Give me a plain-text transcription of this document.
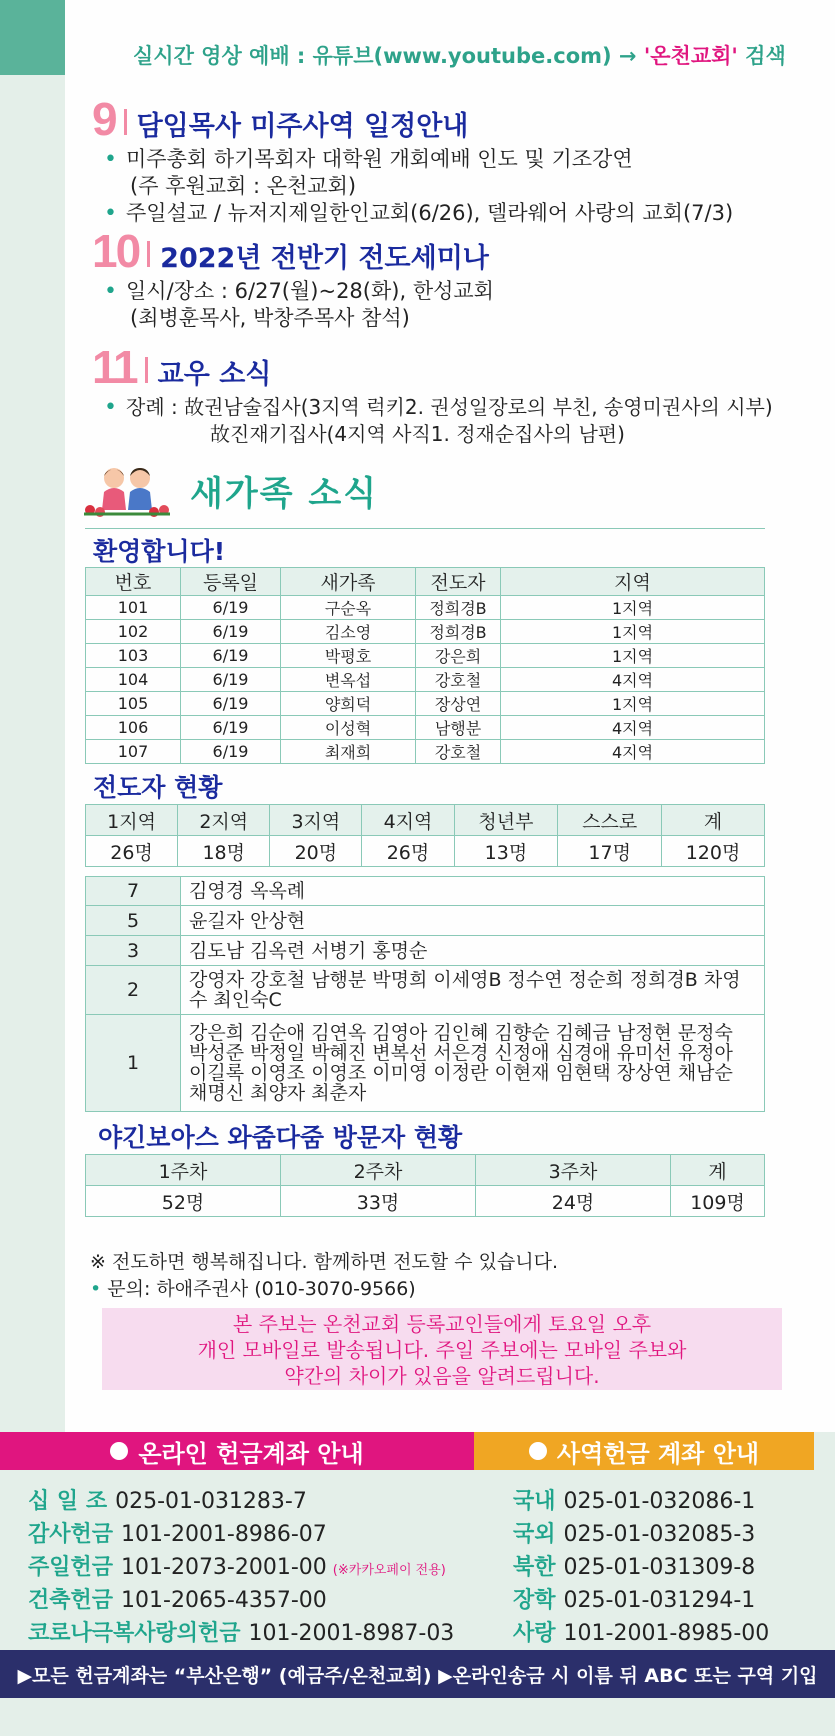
실시간 영상 예배 : 유튜브(www.youtube.com) → '온천교회' 검색
9 담임목사 미주사역 일정안내
• 미주총회 하기목회자 대학원 개회예배 인도 및 기조강연
(주 후원교회 : 온천교회)
• 주일설교 / 뉴저지제일한인교회(6/26), 델라웨어 사랑의 교회(7/3)
10 2022년 전반기 전도세미나
• 일시/장소 : 6/27(월)~28(화), 한성교회
(최병훈목사, 박창주목사 참석)
11 교우 소식
• 장례 : 故권남술집사(3지역 럭키2. 권성일장로의 부친, 송영미권사의 시부)
故진재기집사(4지역 사직1. 정재순집사의 남편)
새가족 소식
환영합니다!
번호	등록일	새가족	전도자	지역
101	6/19	구순옥	정희경B	1지역
102	6/19	김소영	정희경B	1지역
103	6/19	박평호	강은희	1지역
104	6/19	변옥섭	강호철	4지역
105	6/19	양희덕	장상연	1지역
106	6/19	이성혁	남행분	4지역
107	6/19	최재희	강호철	4지역
전도자 현황
1지역	2지역	3지역	4지역	청년부	스스로	계
26명	18명	20명	26명	13명	17명	120명
7	김영경 옥옥례
5	윤길자 안상현
3	김도남 김옥련 서병기 홍명순
2	강영자 강호철 남행분 박명희 이세영B 정수연 정순희 정희경B 차영수 최인숙C
1	강은희 김순애 김연옥 김영아 김인혜 김향순 김혜금 남정현 문정숙 박성준 박정일 박혜진 변복선 서은경 신정애 심경애 유미선 유정아 이길록 이영조 이영조 이미영 이정란 이현재 임현택 장상연 채남순 채명신 최양자 최춘자
야긴보아스 와줌다줌 방문자 현황
1주차	2주차	3주차	계
52명	33명	24명	109명
※ 전도하면 행복해집니다. 함께하면 전도할 수 있습니다.
• 문의: 하애주권사 (010-3070-9566)
본 주보는 온천교회 등록교인들에게 토요일 오후
개인 모바일로 발송됩니다. 주일 주보에는 모바일 주보와
약간의 차이가 있음을 알려드립니다.
온라인 헌금계좌 안내	사역헌금 계좌 안내
십 일 조 025-01-031283-7
감사헌금 101-2001-8986-07
주일헌금 101-2073-2001-00 (※카카오페이 전용)
건축헌금 101-2065-4357-00
코로나극복사랑의헌금 101-2001-8987-03
국내 025-01-032086-1
국외 025-01-032085-3
북한 025-01-031309-8
장학 025-01-031294-1
사랑 101-2001-8985-00
▶모든 헌금계좌는 “부산은행” (예금주/온천교회) ▶온라인송금 시 이름 뒤 ABC 또는 구역 기입
